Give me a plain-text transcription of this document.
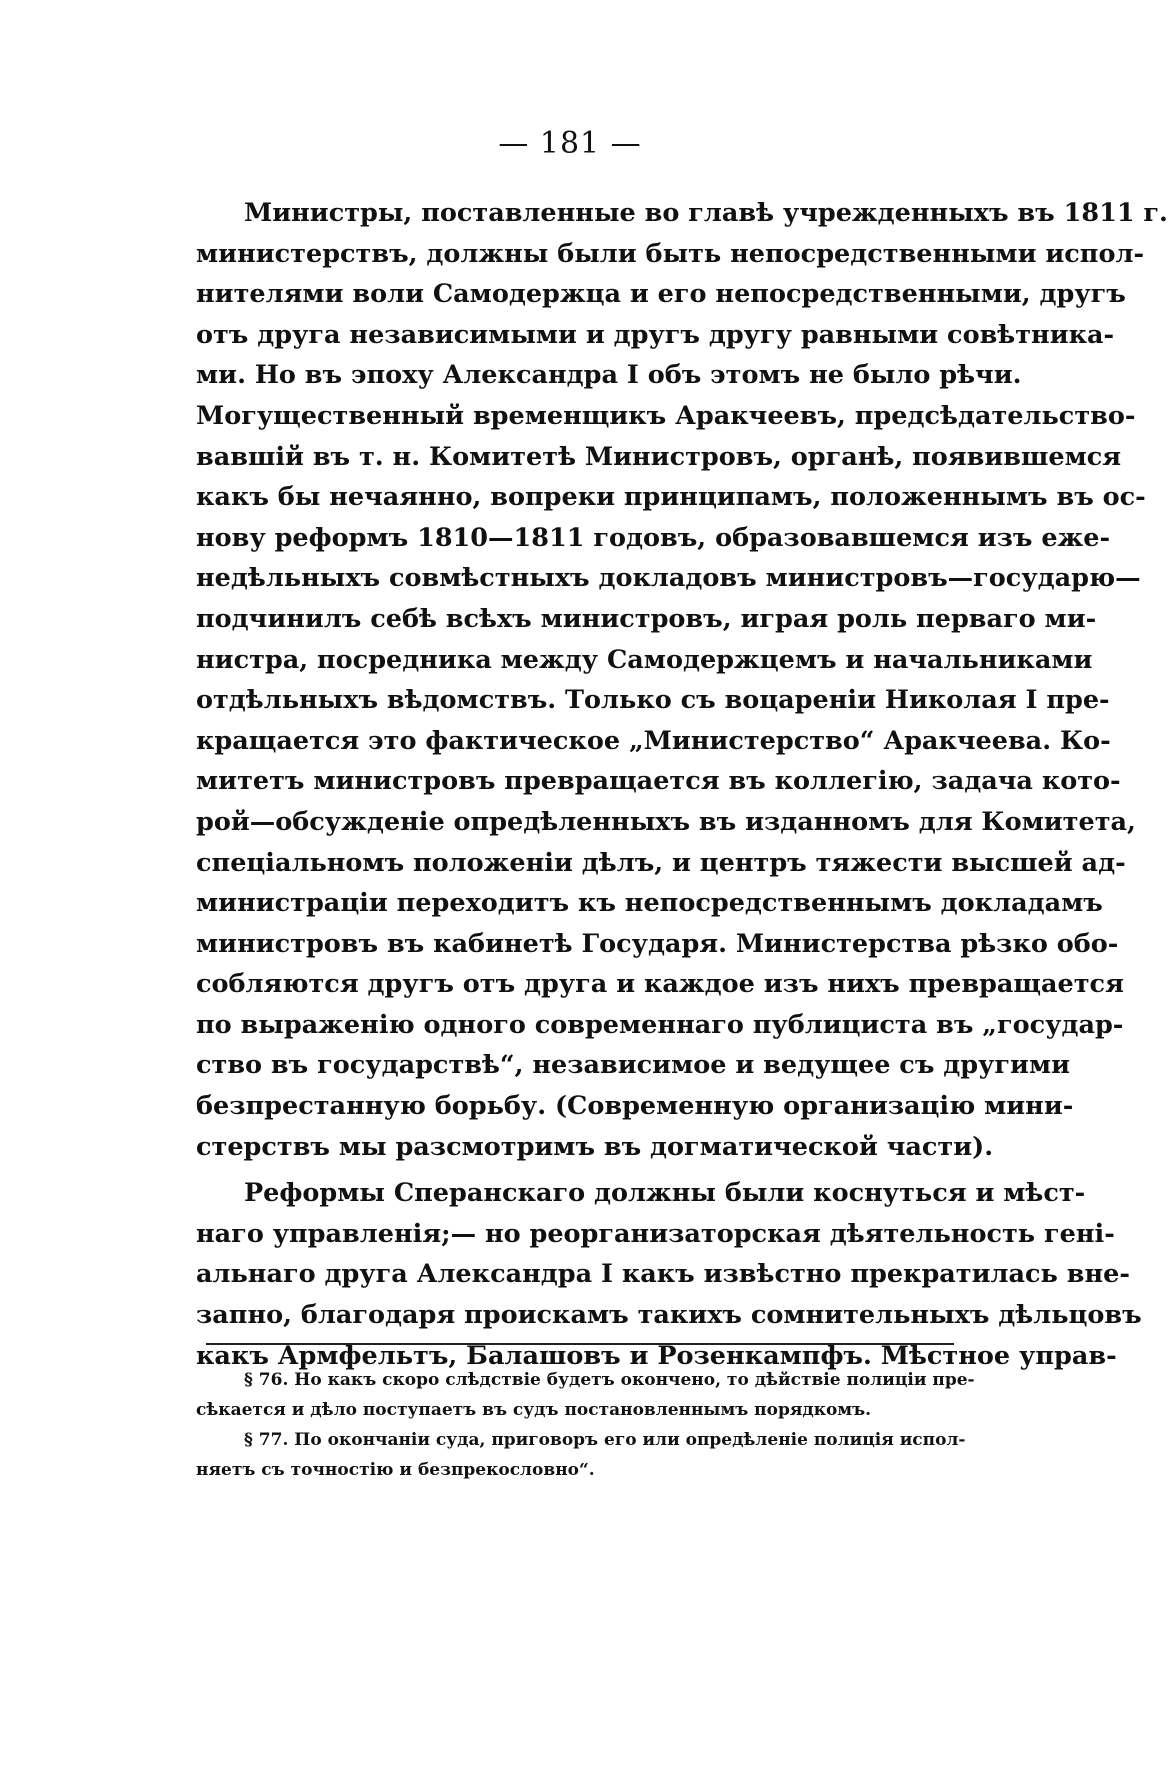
— 181 —
Министры, поставленные во главѣ учрежденныхъ въ 1811 г.
министерствъ, должны были быть непосредственными испол-
нителями воли Самодержца и его непосредственными, другъ
отъ друга независимыми и другъ другу равными совѣтника-
ми. Но въ эпоху Александра I объ этомъ не было рѣчи.
Могущественный временщикъ Аракчеевъ, предсѣдательство-
вавшій въ т. н. Комитетѣ Министровъ, органѣ, появившемся
какъ бы нечаянно, вопреки принципамъ, положеннымъ въ ос-
нову реформъ 1810—1811 годовъ, образовавшемся изъ еже-
недѣльныхъ совмѣстныхъ докладовъ министровъ—государю—
подчинилъ себѣ всѣхъ министровъ, играя роль перваго ми-
нистра, посредника между Самодержцемъ и начальниками
отдѣльныхъ вѣдомствъ. Только съ воцареніи Николая I пре-
кращается это фактическое „Министерство“ Аракчеева. Ко-
митетъ министровъ превращается въ коллегію, задача кото-
рой—обсужденіе опредѣленныхъ въ изданномъ для Комитета,
спеціальномъ положеніи дѣлъ, и центръ тяжести высшей ад-
министраціи переходитъ къ непосредственнымъ докладамъ
министровъ въ кабинетѣ Государя. Министерства рѣзко обо-
собляются другъ отъ друга и каждое изъ нихъ превращается
по выраженію одного современнаго публициста въ „государ-
ство въ государствѣ“, независимое и ведущее съ другими
безпрестанную борьбу. (Современную организацію мини-
стерствъ мы разсмотримъ въ догматической части).
Реформы Сперанскаго должны были коснуться и мѣст-
наго управленія;— но реорганизаторская дѣятельность гені-
альнаго друга Александра I какъ извѣстно прекратилась вне-
запно, благодаря проискамъ такихъ сомнительныхъ дѣльцовъ
какъ Армфельтъ, Балашовъ и Розенкампфъ. Мѣстное управ-
§ 76. Но какъ скоро слѣдствіе будетъ окончено, то дѣйствіе полиціи пре-
сѣкается и дѣло поступаетъ въ судъ постановленнымъ порядкомъ.
§ 77. По окончаніи суда, приговоръ его или опредѣленіе полиція испол-
няетъ съ точностію и безпрекословно“.
